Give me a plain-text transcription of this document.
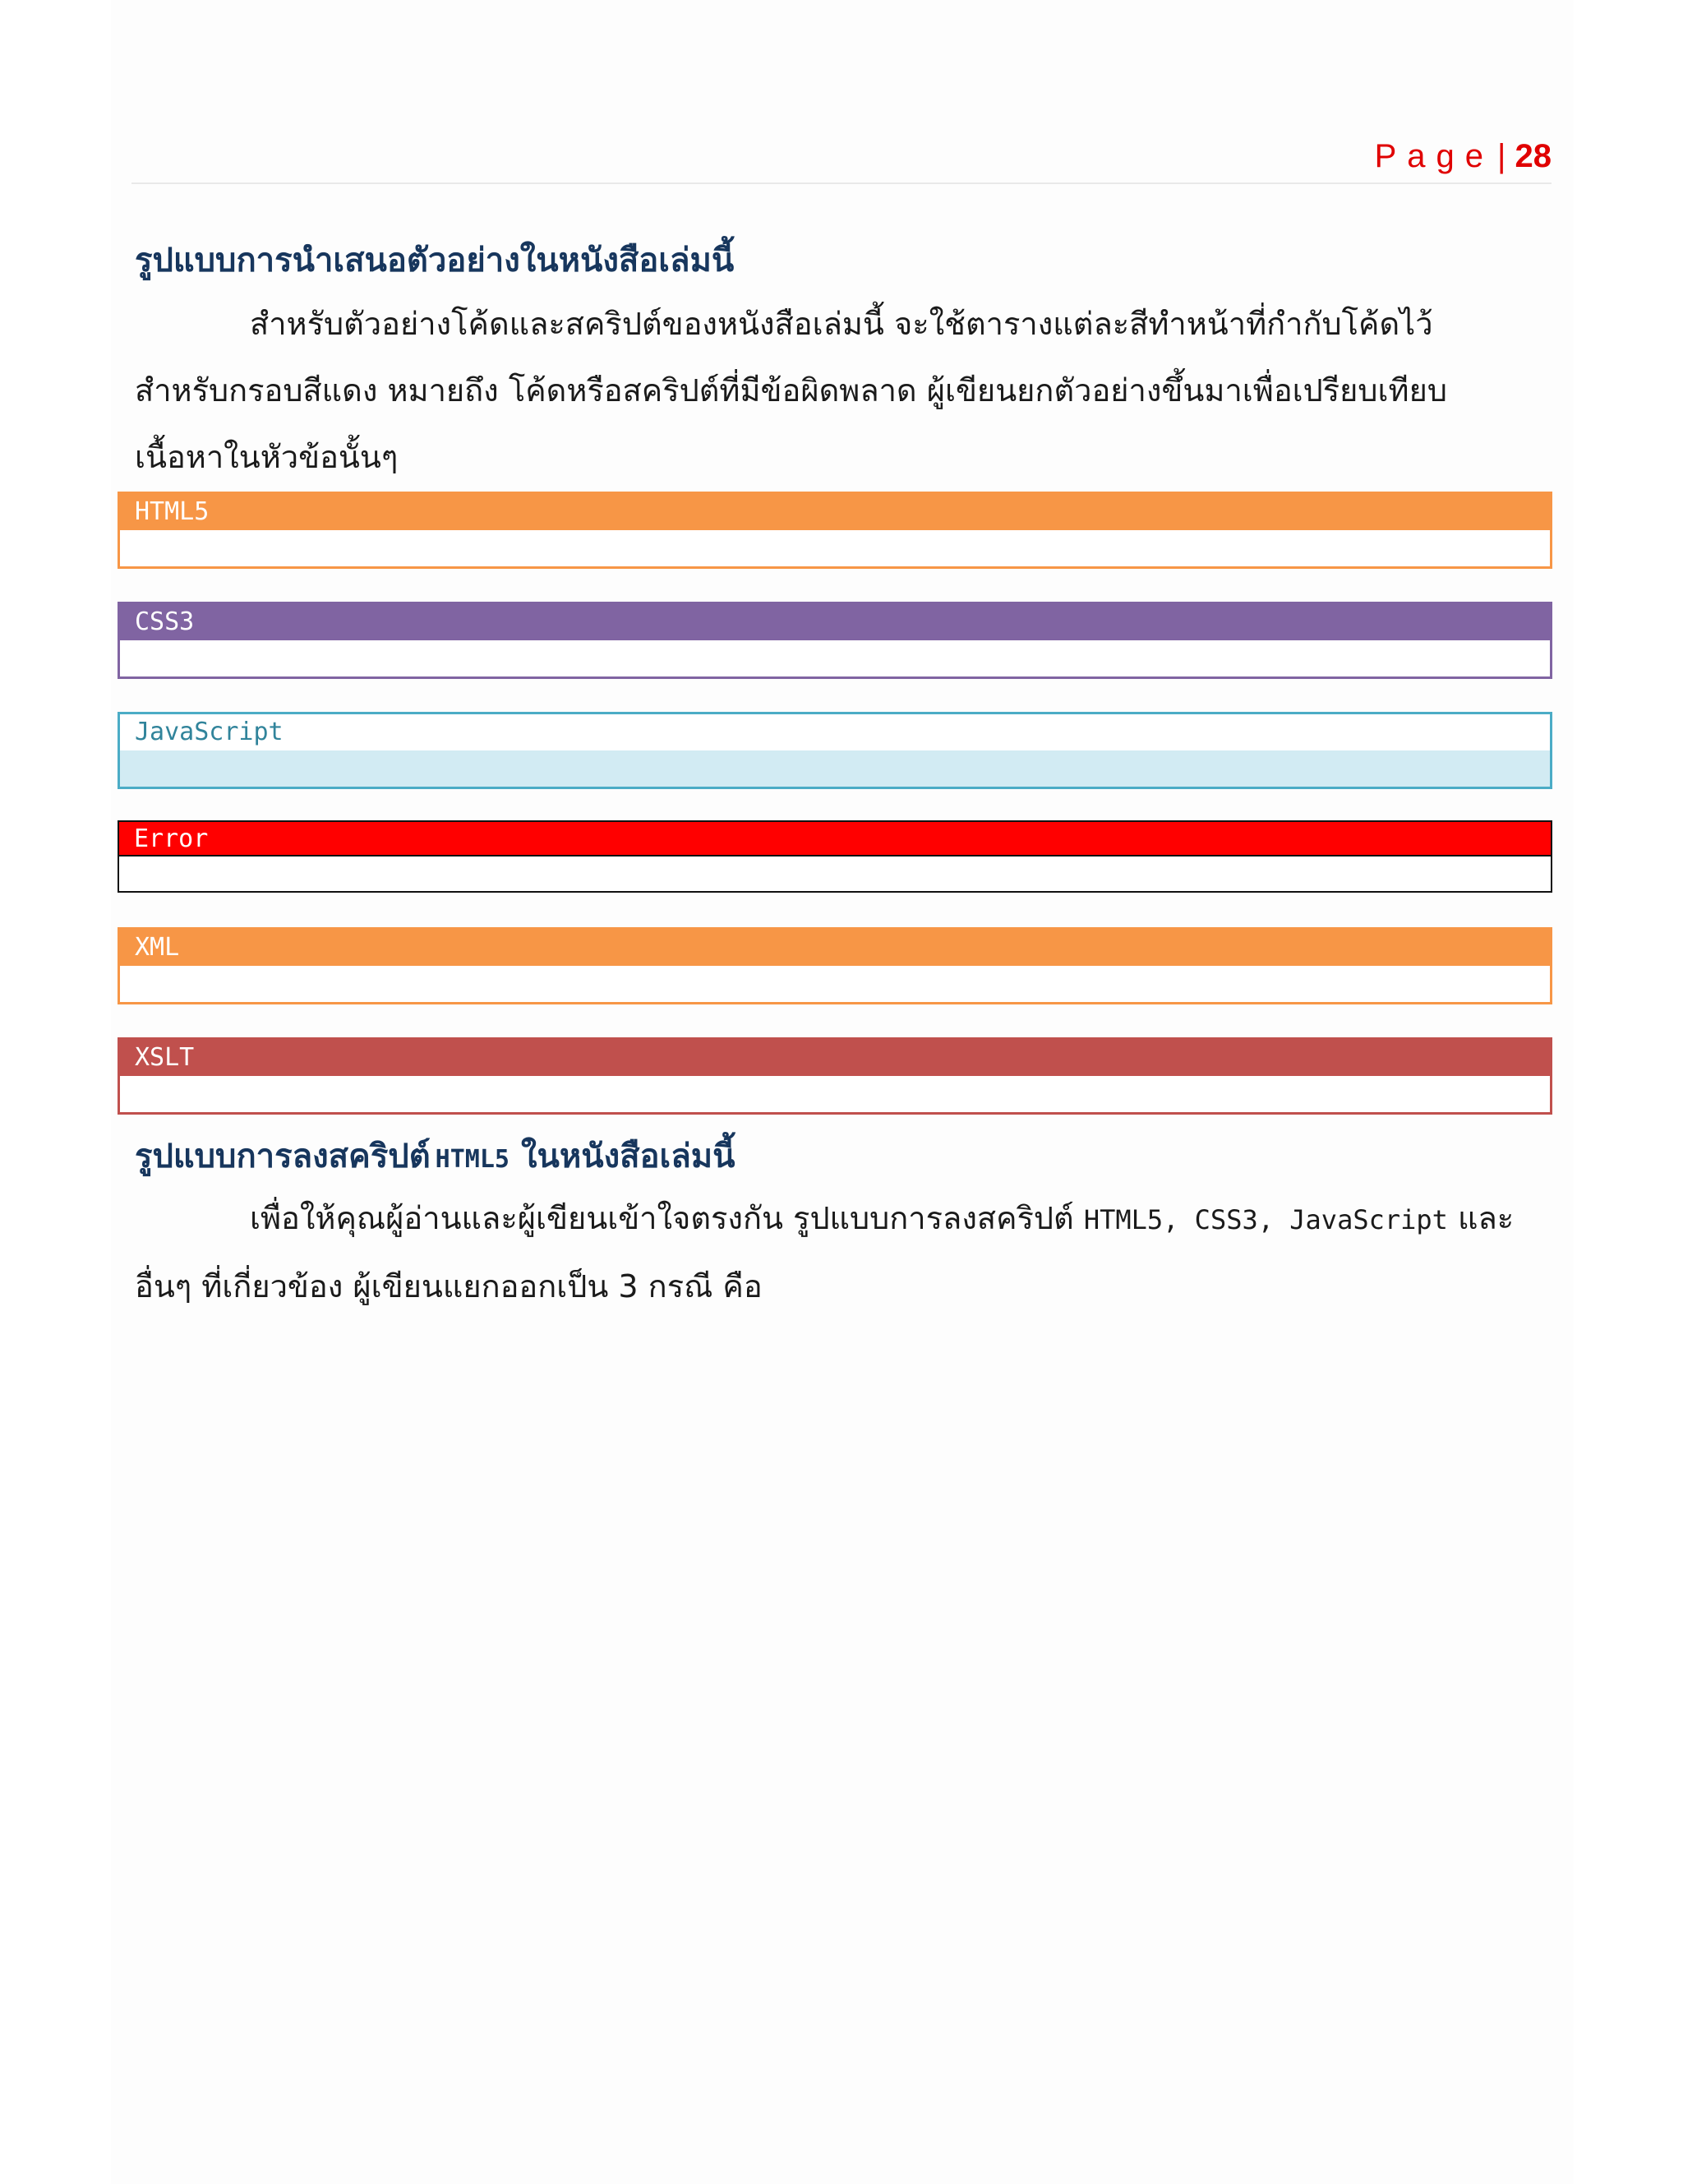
Page | 28
รูปแบบการนำเสนอตัวอย่างในหนังสือเล่มนี้

สำหรับตัวอย่างโค้ดและสคริปต์ของหนังสือเล่มนี้ จะใช้ตารางแต่ละสีทำหน้าที่กำกับโค้ดไว้ สำหรับกรอบสีแดง หมายถึง โค้ดหรือสคริปต์ที่มีข้อผิดพลาด ผู้เขียนยกตัวอย่างขึ้นมาเพื่อเปรียบเทียบเนื้อหาในหัวข้อนั้นๆ

HTML5
CSS3
JavaScript
Error
XML
XSLT
รูปแบบการลงสคริปต์ HTML5 ในหนังสือเล่มนี้

เพื่อให้คุณผู้อ่านและผู้เขียนเข้าใจตรงกัน รูปแบบการลงสคริปต์ HTML5, CSS3, JavaScript และอื่นๆ ที่เกี่ยวข้อง ผู้เขียนแยกออกเป็น 3 กรณี คือ
